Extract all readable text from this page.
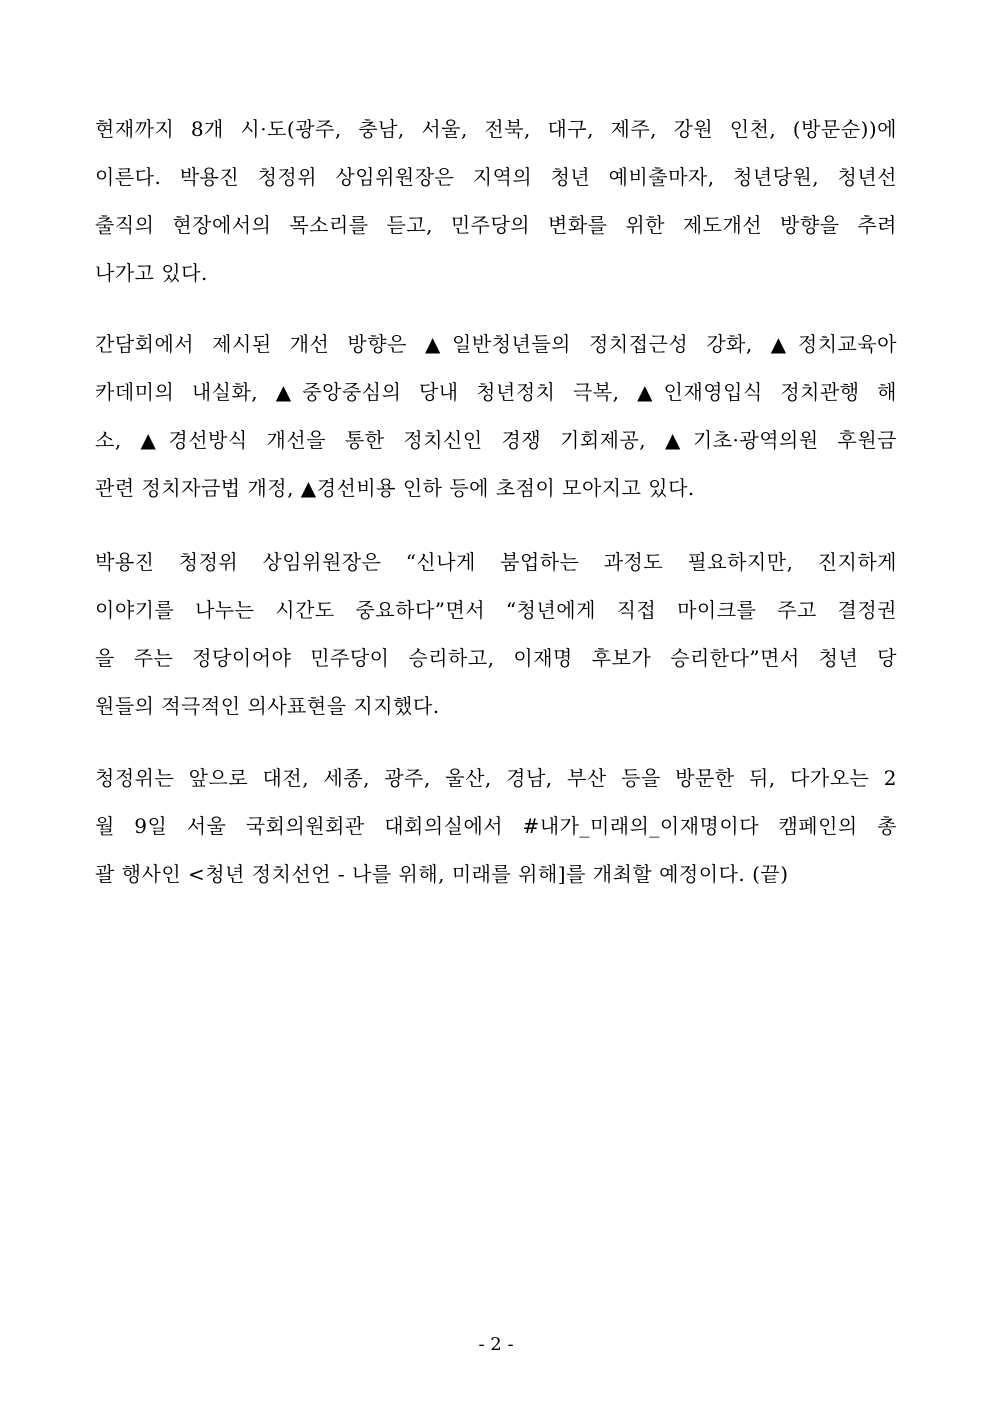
현재까지 8개 시·도(광주, 충남, 서울, 전북, 대구, 제주, 강원 인천, (방문순))에
이른다. 박용진 청정위 상임위원장은 지역의 청년 예비출마자, 청년당원, 청년선
출직의 현장에서의 목소리를 듣고, 민주당의 변화를 위한 제도개선 방향을 추려
나가고 있다.
간담회에서 제시된 개선 방향은 ▲일반청년들의 정치접근성 강화, ▲정치교육아
카데미의 내실화, ▲중앙중심의 당내 청년정치 극복, ▲인재영입식 정치관행 해
소, ▲경선방식 개선을 통한 정치신인 경쟁 기회제공, ▲기초·광역의원 후원금
관련 정치자금법 개정, ▲경선비용 인하 등에 초점이 모아지고 있다.
박용진 청정위 상임위원장은 “신나게 붐업하는 과정도 필요하지만, 진지하게
이야기를 나누는 시간도 중요하다”면서 “청년에게 직접 마이크를 주고 결정권
을 주는 정당이어야 민주당이 승리하고, 이재명 후보가 승리한다”면서 청년 당
원들의 적극적인 의사표현을 지지했다.
청정위는 앞으로 대전, 세종, 광주, 울산, 경남, 부산 등을 방문한 뒤, 다가오는 2
월 9일 서울 국회의원회관 대회의실에서 #내가_미래의_이재명이다 캠페인의 총
괄 행사인 <청년 정치선언 - 나를 위해, 미래를 위해]를 개최할 예정이다. (끝)
- 2 -
